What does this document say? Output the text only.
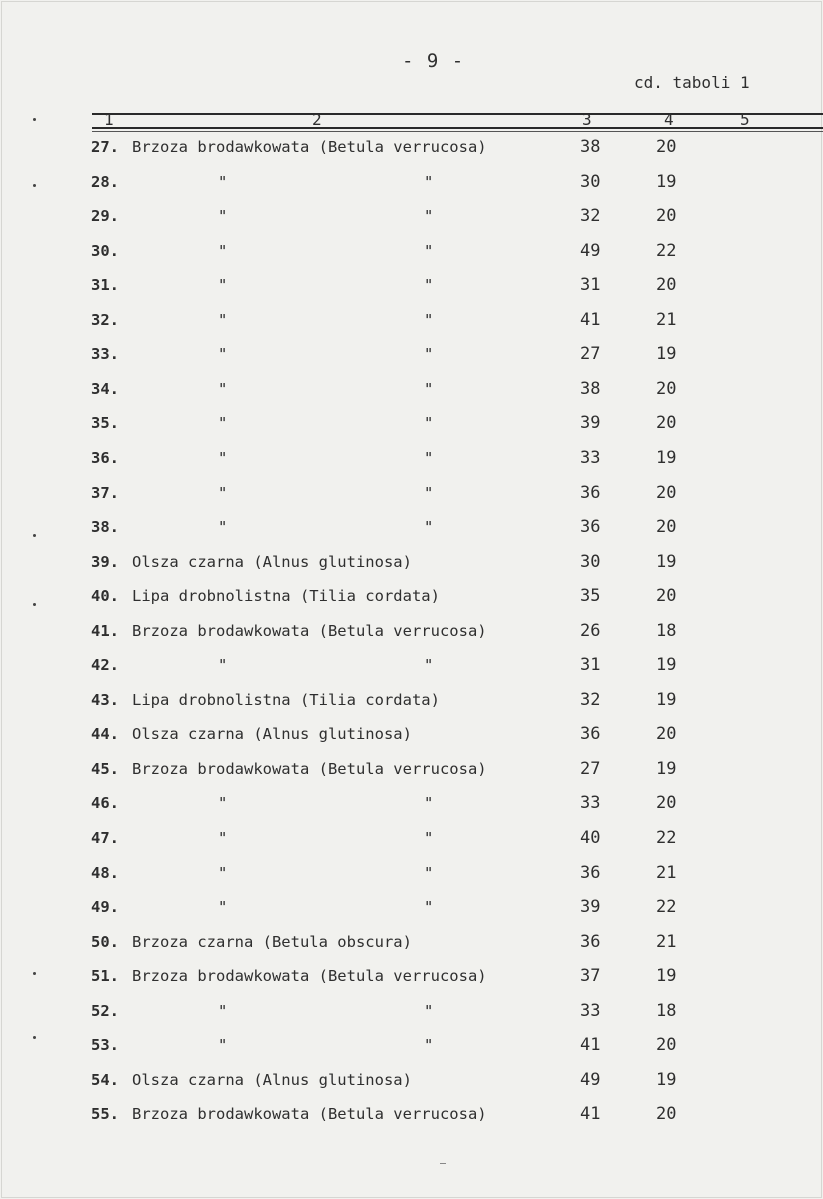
- 9 -
cd. taboli 1
1	2	3	4	5
27. Brzoza brodawkowata (Betula verrucosa)	38	20
28.	"	"	30	19
29.	"	"	32	20
30.	"	"	49	22
31.	"	"	31	20
32.	"	"	41	21
33.	"	"	27	19
34.	"	"	38	20
35.	"	"	39	20
36.	"	"	33	19
37.	"	"	36	20
38.	"	"	36	20
39. Olsza czarna (Alnus glutinosa)	30	19
40. Lipa drobnolistna (Tilia cordata)	35	20
41. Brzoza brodawkowata (Betula verrucosa)	26	18
42.	"	"	31	19
43. Lipa drobnolistna (Tilia cordata)	32	19
44. Olsza czarna (Alnus glutinosa)	36	20
45. Brzoza brodawkowata (Betula verrucosa)	27	19
46.	"	"	33	20
47.	"	"	40	22
48.	"	"	36	21
49.	"	"	39	22
50. Brzoza czarna (Betula obscura)	36	21
51. Brzoza brodawkowata (Betula verrucosa)	37	19
52.	"	"	33	18
53.	"	"	41	20
54. Olsza czarna (Alnus glutinosa)	49	19
55. Brzoza brodawkowata (Betula verrucosa)	41	20
